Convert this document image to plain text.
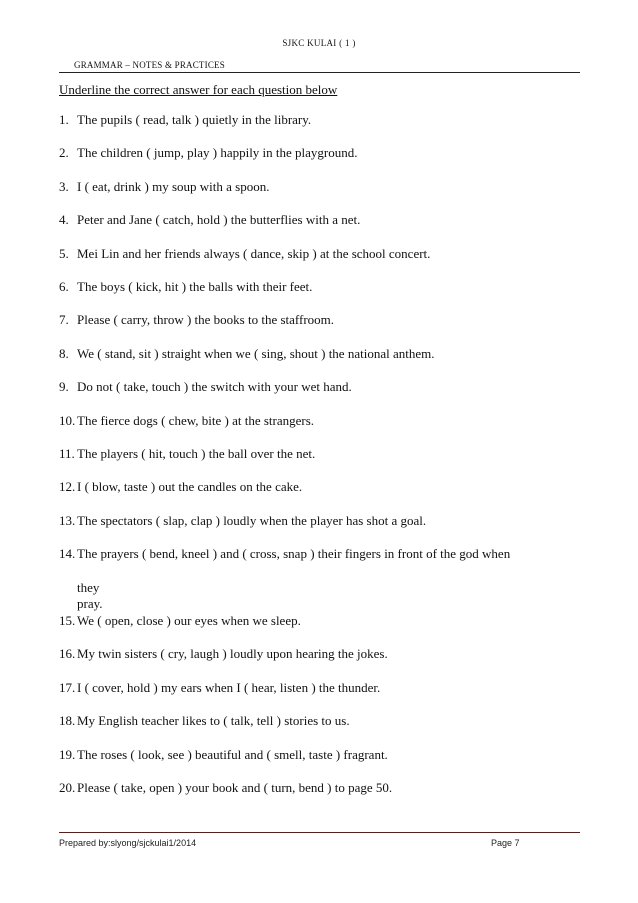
SJKC KULAI ( 1 )
GRAMMAR – NOTES & PRACTICES
Underline the correct answer for each question below
1. The pupils ( read, talk ) quietly in the library.
2. The children ( jump, play ) happily in the playground.
3. I ( eat, drink ) my soup with a spoon.
4. Peter and Jane ( catch, hold ) the butterflies with a net.
5. Mei Lin and her friends always ( dance, skip ) at the school concert.
6. The boys ( kick, hit ) the balls with their feet.
7. Please ( carry, throw ) the books to the staffroom.
8. We ( stand, sit ) straight when we ( sing, shout ) the national anthem.
9. Do not ( take, touch ) the switch with your wet hand.
10. The fierce dogs ( chew, bite ) at the strangers.
11. The players ( hit, touch ) the ball over the net.
12. I ( blow, taste ) out the candles on the cake.
13. The spectators ( slap, clap ) loudly when the player has shot a goal.
14. The prayers ( bend, kneel ) and ( cross, snap ) their fingers in front of the god when
they pray.
15. We ( open, close ) our eyes when we sleep.
16. My twin sisters ( cry, laugh ) loudly upon hearing the jokes.
17. I ( cover, hold ) my ears when I ( hear, listen ) the thunder.
18. My English teacher likes to ( talk, tell ) stories to us.
19. The roses ( look, see ) beautiful and ( smell, taste ) fragrant.
20. Please ( take, open ) your book and ( turn, bend ) to page 50.
Prepared by:slyong/sjckulai1/2014	Page 7
